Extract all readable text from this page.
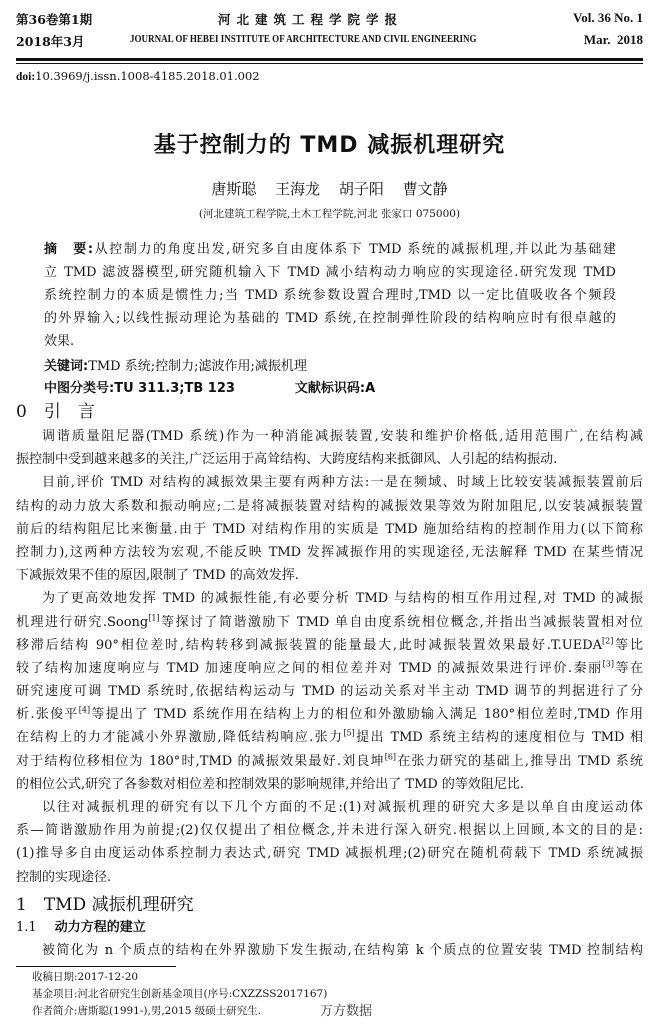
第36卷第1期
2018年3月
河北建筑工程学院学报
JOURNAL OF HEBEI INSTITUTE OF ARCHITECTURE AND CIVIL ENGINEERING
Vol. 36 No. 1
Mar.  2018
doi:10.3969/j.issn.1008-4185.2018.01.002
基于控制力的 TMD 减振机理研究
唐斯聪 王海龙 胡子阳 曹文静
(河北建筑工程学院,土木工程学院,河北 张家口 075000)
摘　要:从控制力的角度出发,研究多自由度体系下 TMD 系统的减振机理,并以此为基础建
立 TMD 滤波器模型,研究随机输入下 TMD 减小结构动力响应的实现途径.研究发现 TMD
系统控制力的本质是惯性力;当 TMD 系统参数设置合理时,TMD 以一定比值吸收各个频段
的外界输入;以线性振动理论为基础的 TMD 系统,在控制弹性阶段的结构响应时有很卓越的
效果.
关键词:TMD 系统;控制力;滤波作用;减振机理
中图分类号:TU 311.3;TB 123	文献标识码:A
0　引　言
调谐质量阻尼器(TMD 系统)作为一种消能减振装置,安装和维护价格低,适用范围广,在结构减
振控制中受到越来越多的关注,广泛运用于高耸结构、大跨度结构来抵御风、人引起的结构振动.
目前,评价 TMD 对结构的减振效果主要有两种方法:一是在频域、时域上比较安装减振装置前后
结构的动力放大系数和振动响应;二是将减振装置对结构的减振效果等效为附加阻尼,以安装减振装置
前后的结构阻尼比来衡量.由于 TMD 对结构作用的实质是 TMD 施加给结构的控制作用力(以下简称
控制力),这两种方法较为宏观,不能反映 TMD 发挥减振作用的实现途径,无法解释 TMD 在某些情况
下减振效果不佳的原因,限制了 TMD 的高效发挥.
为了更高效地发挥 TMD 的减振性能,有必要分析 TMD 与结构的相互作用过程,对 TMD 的减振
机理进行研究.Soong[1]等探讨了简谐激励下 TMD 单自由度系统相位概念,并指出当减振装置相对位
移滞后结构 90°相位差时,结构转移到减振装置的能量最大,此时减振装置效果最好.T.UEDA[2]等比
较了结构加速度响应与 TMD 加速度响应之间的相位差并对 TMD 的减振效果进行评价.秦丽[3]等在
研究速度可调 TMD 系统时,依据结构运动与 TMD 的运动关系对半主动 TMD 调节的判据进行了分
析.张俊平[4]等提出了 TMD 系统作用在结构上力的相位和外激励输入满足 180°相位差时,TMD 作用
在结构上的力才能减小外界激励,降低结构响应.张力[5]提出 TMD 系统主结构的速度相位与 TMD 相
对于结构位移相位为 180°时,TMD 的减振效果最好.刘良坤[6]在张力研究的基础上,推导出 TMD 系统
的相位公式,研究了各参数对相位差和控制效果的影响规律,并给出了 TMD 的等效阻尼比.
以往对减振机理的研究有以下几个方面的不足:(1)对减振机理的研究大多是以单自由度运动体
系—简谐激励作用为前提;(2)仅仅提出了相位概念,并未进行深入研究.根据以上回顾,本文的目的是:
(1)推导多自由度运动体系控制力表达式,研究 TMD 减振机理;(2)研究在随机荷载下 TMD 系统减振
控制的实现途径.
1　TMD 减振机理研究
1.1 动力方程的建立
被简化为 n 个质点的结构在外界激励下发生振动,在结构第 k 个质点的位置安装 TMD 控制结构
收稿日期:2017-12-20
基金项目:河北省研究生创新基金项目(序号:CXZZSS2017167)
作者简介:唐斯聪(1991-),男,2015 级硕士研究生.	万方数据
